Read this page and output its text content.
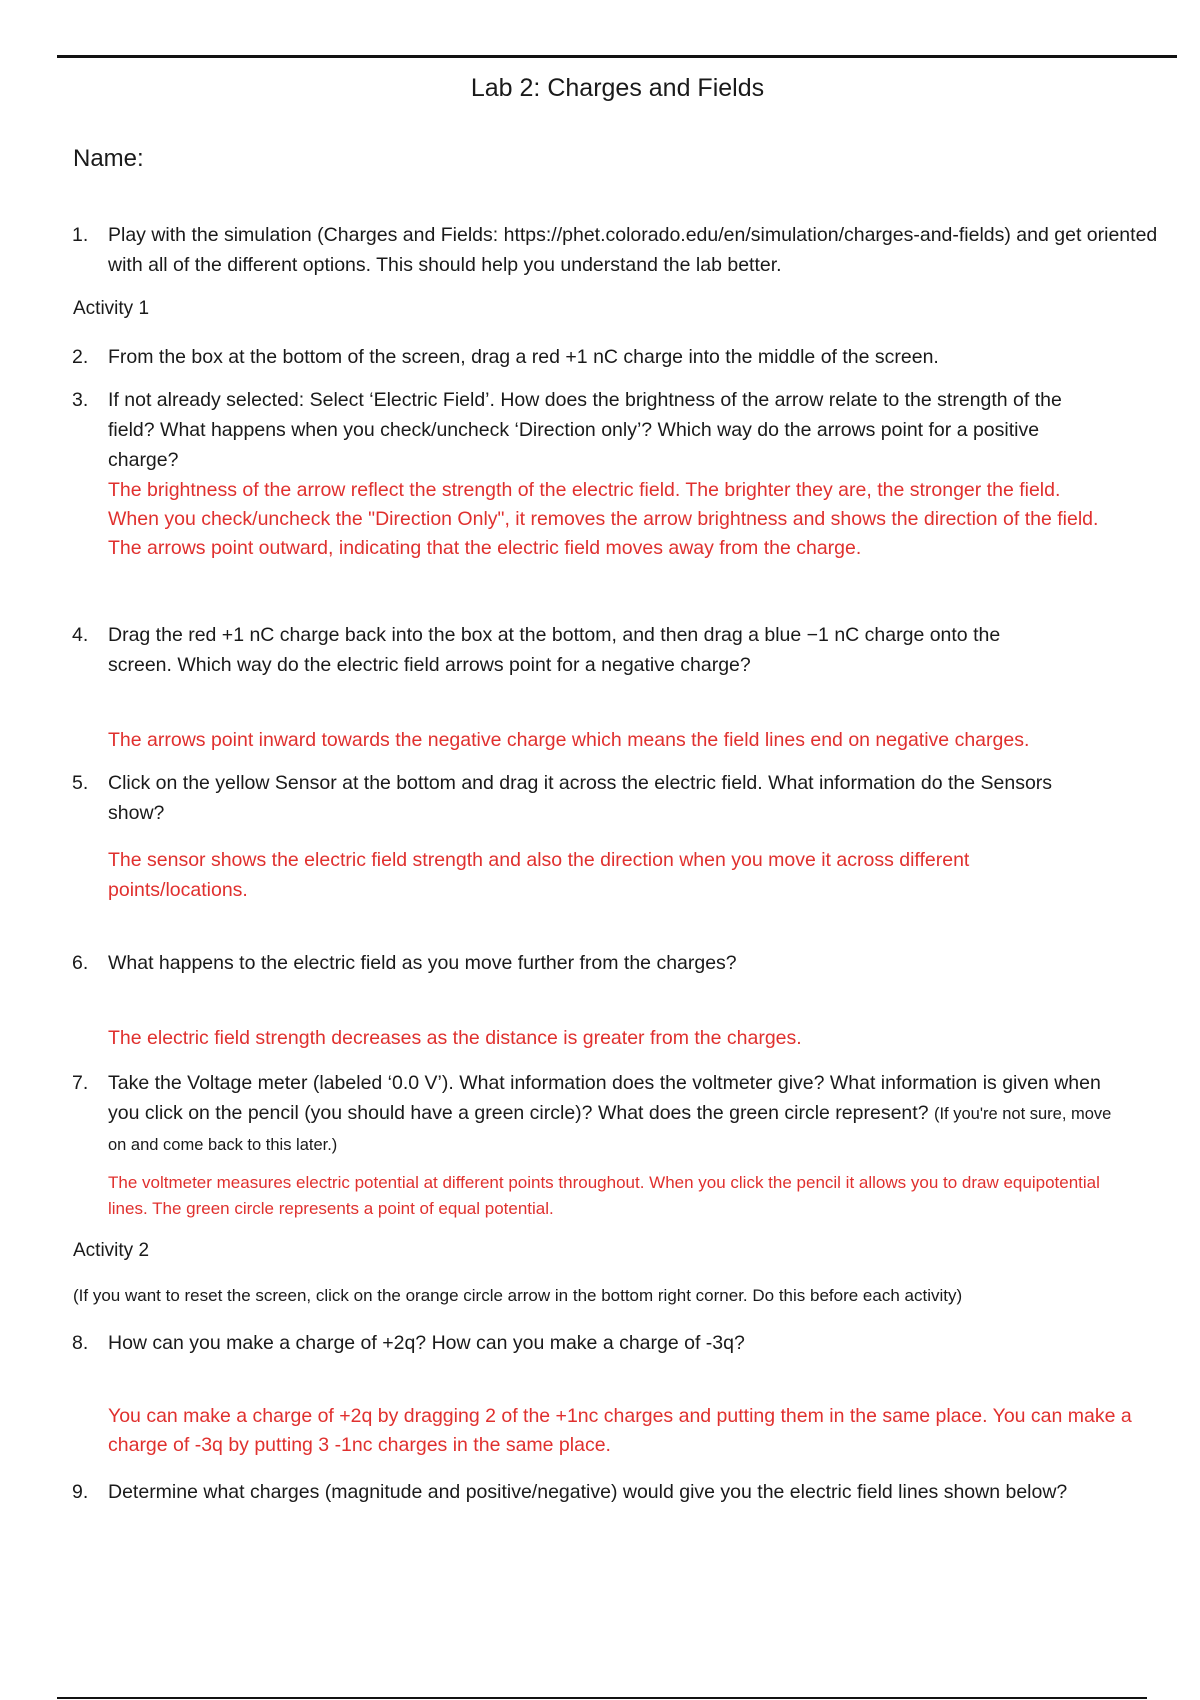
Lab 2: Charges and Fields
Name:
1.	Play with the simulation (Charges and Fields: https://phet.colorado.edu/en/simulation/charges-and-fields) and get oriented with all of the different options. This should help you understand the lab better.
Activity 1
2.	From the box at the bottom of the screen, drag a red +1 nC charge into the middle of the screen.
3.	If not already selected: Select ‘Electric Field’. How does the brightness of the arrow relate to the strength of the field? What happens when you check/uncheck ‘Direction only’? Which way do the arrows point for a positive charge?
The brightness of the arrow reflect the strength of the electric field. The brighter they are, the stronger the field.
When you check/uncheck the "Direction Only", it removes the arrow brightness and shows the direction of the field.
The arrows point outward, indicating that the electric field moves away from the charge.
4.	Drag the red +1 nC charge back into the box at the bottom, and then drag a blue −1 nC charge onto the screen. Which way do the electric field arrows point for a negative charge?
The arrows point inward towards the negative charge which means the field lines end on negative charges.
5.	Click on the yellow Sensor at the bottom and drag it across the electric field. What information do the Sensors show?
The sensor shows the electric field strength and also the direction when you move it across different points/locations.
6.	What happens to the electric field as you move further from the charges?
The electric field strength decreases as the distance is greater from the charges.
7.	Take the Voltage meter (labeled ‘0.0 V’). What information does the voltmeter give? What information is given when you click on the pencil (you should have a green circle)? What does the green circle represent? (If you're not sure, move on and come back to this later.)
The voltmeter measures electric potential at different points throughout. When you click the pencil it allows you to draw equipotential lines. The green circle represents a point of equal potential.
Activity 2
(If you want to reset the screen, click on the orange circle arrow in the bottom right corner. Do this before each activity)
8.	How can you make a charge of +2q? How can you make a charge of -3q?
You can make a charge of +2q by dragging 2 of the +1nc charges and putting them in the same place. You can make a charge of -3q by putting 3 -1nc charges in the same place.
9.	Determine what charges (magnitude and positive/negative) would give you the electric field lines shown below?
